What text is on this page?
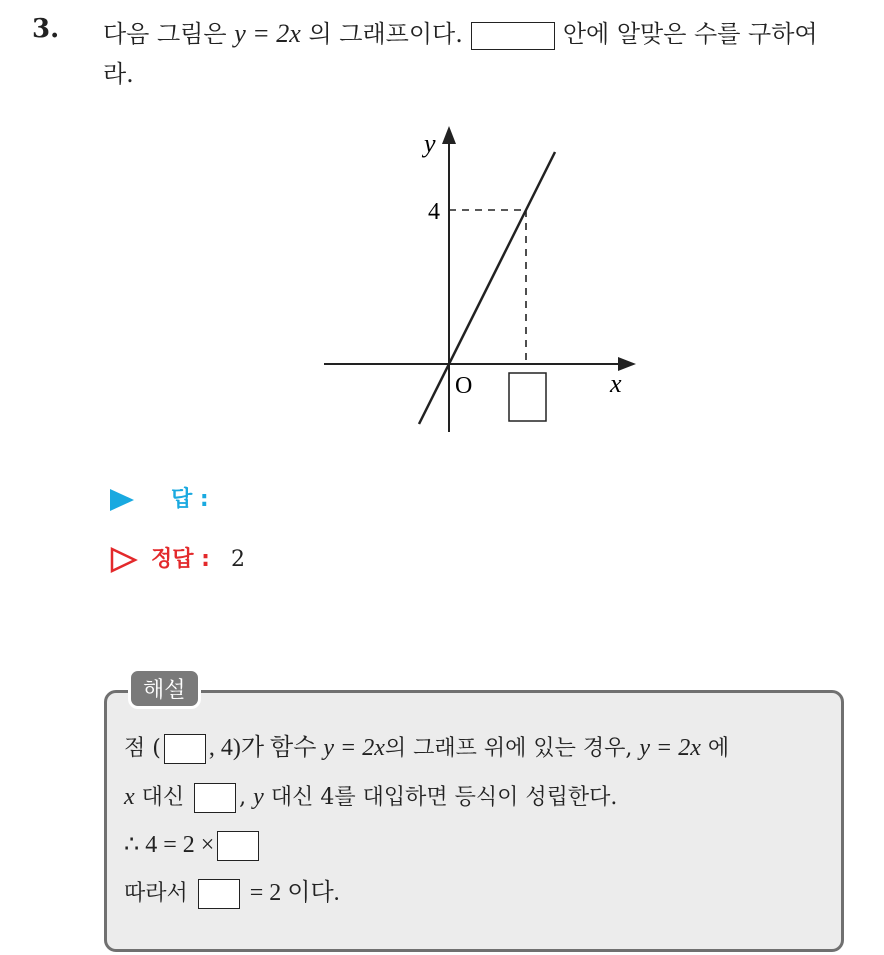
3. 다음 그림은 y = 2x 의 그래프이다.	안에 알맞은 수를 구하여
라.
y
x
O
4
답 :
정답 : 2
해설
점 ( , 4)가 함수 y = 2x의 그래프 위에 있는 경우, y = 2x 에
x 대신	, y 대신 4를 대입하면 등식이 성립한다.
∴ 4 = 2 ×
따라서	= 2 이다.
